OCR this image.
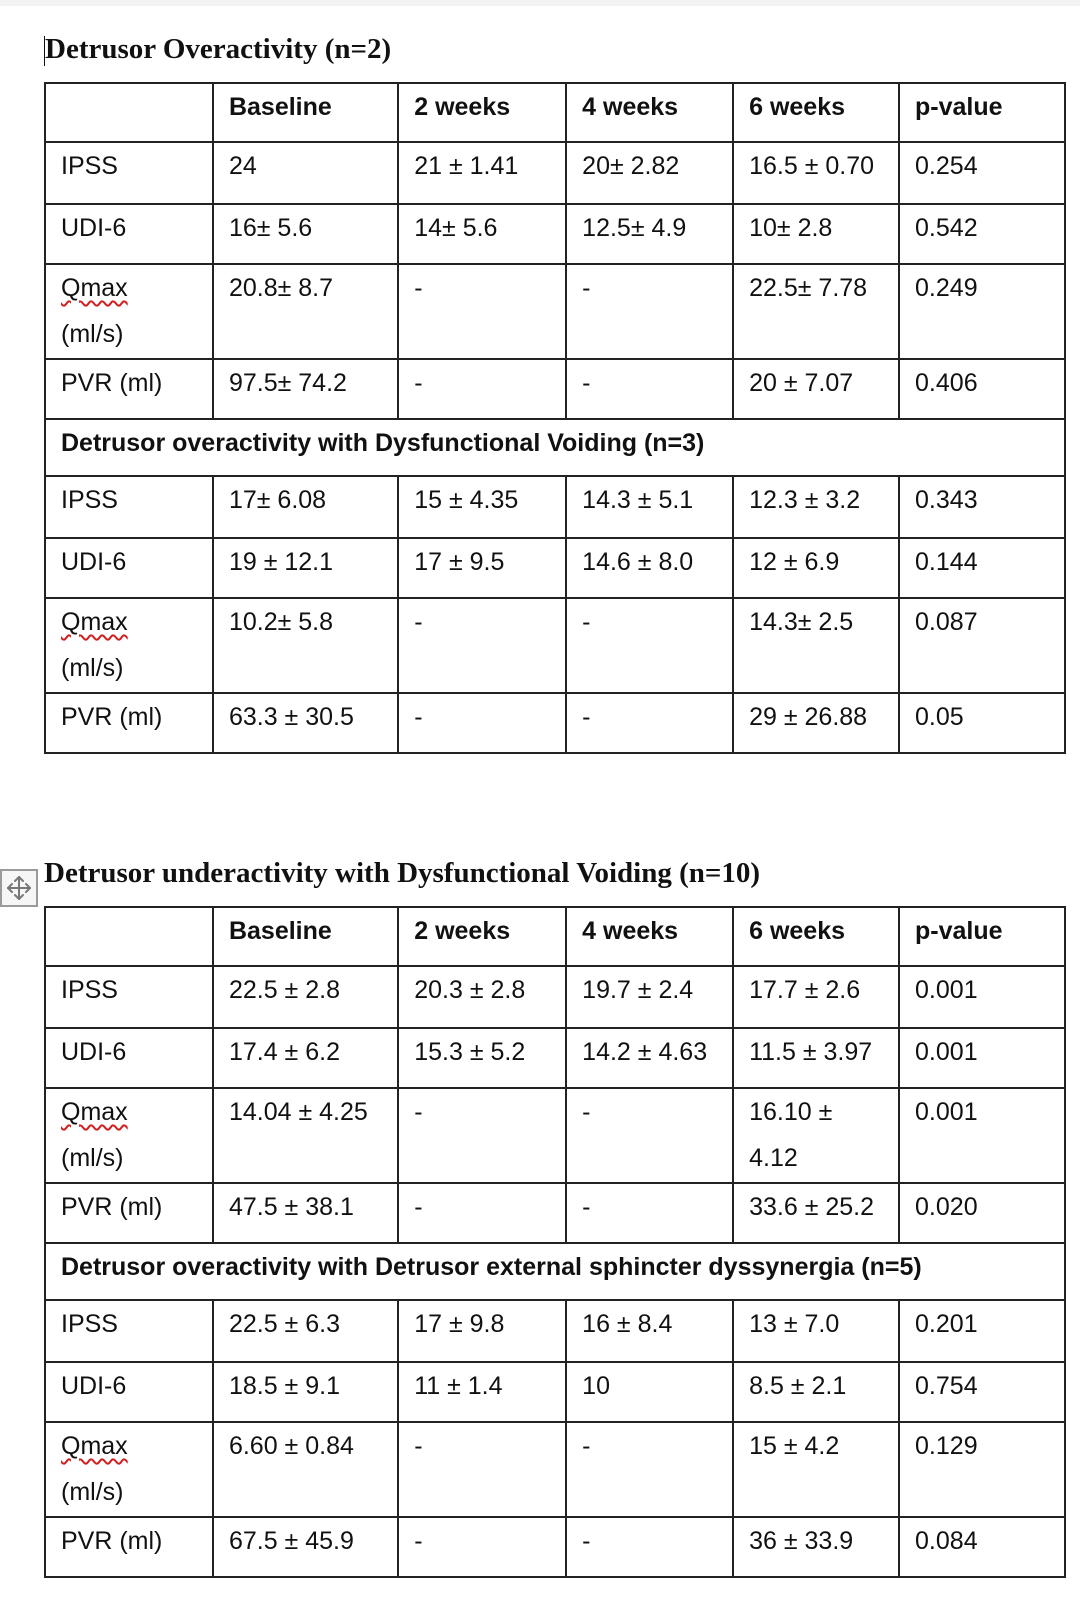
Detrusor Overactivity (n=2)
	Baseline	2 weeks	4 weeks	6 weeks	p-value
IPSS	24	21 ± 1.41	20± 2.82	16.5 ± 0.70	0.254
UDI-6	16± 5.6	14± 5.6	12.5± 4.9	10± 2.8	0.542
Qmax
(ml/s)	20.8± 8.7	-	-	22.5± 7.78	0.249
PVR (ml)	97.5± 74.2	-	-	20 ± 7.07	0.406
Detrusor overactivity with Dysfunctional Voiding (n=3)					
IPSS	17± 6.08	15 ± 4.35	14.3 ± 5.1	12.3 ± 3.2	0.343
UDI-6	19 ± 12.1	17 ± 9.5	14.6 ± 8.0	12 ± 6.9	0.144
Qmax
(ml/s)	10.2± 5.8	-	-	14.3± 2.5	0.087
PVR (ml)	63.3 ± 30.5	-	-	29 ± 26.88	0.05
Detrusor underactivity with Dysfunctional Voiding (n=10)
	Baseline	2 weeks	4 weeks	6 weeks	p-value
IPSS	22.5 ± 2.8	20.3 ± 2.8	19.7 ± 2.4	17.7 ± 2.6	0.001
UDI-6	17.4 ± 6.2	15.3 ± 5.2	14.2 ± 4.63	11.5 ± 3.97	0.001
Qmax
(ml/s)	14.04 ± 4.25	-	-	16.10 ± 4.12	0.001
PVR (ml)	47.5 ± 38.1	-	-	33.6 ± 25.2	0.020
Detrusor overactivity with Detrusor external sphincter dyssynergia (n=5)					
IPSS	22.5 ± 6.3	17 ± 9.8	16 ± 8.4	13 ± 7.0	0.201
UDI-6	18.5 ± 9.1	11 ± 1.4	10	8.5 ± 2.1	0.754
Qmax
(ml/s)	6.60 ± 0.84	-	-	15 ± 4.2	0.129
PVR (ml)	67.5 ± 45.9	-	-	36 ± 33.9	0.084
